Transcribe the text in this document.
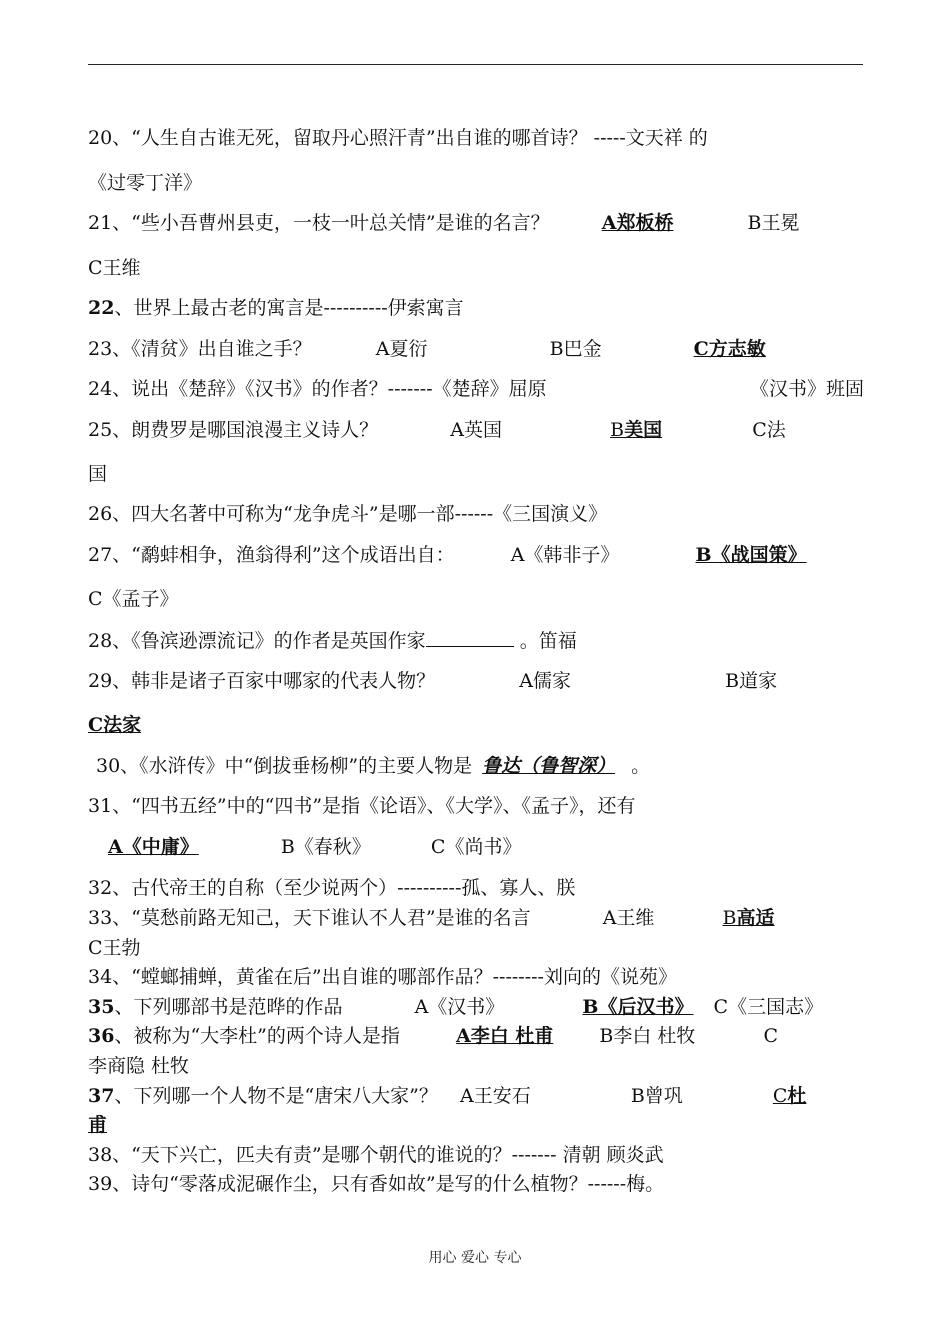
20、“人生自古谁无死，留取丹心照汗青”出自谁的哪首诗？ -----文天祥 的
《过零丁洋》
21、“些小吾曹州县吏，一枝一叶总关情”是谁的名言？	A郑板桥	B王冕
C王维
22、世界上最古老的寓言是----------伊索寓言
23、《清贫》出自谁之手？	A夏衍	B巴金	C方志敏
24、说出《楚辞》《汉书》的作者？-------《楚辞》屈原	《汉书》班固
25、朗费罗是哪国浪漫主义诗人？	A英国	B美国	C法
国
26、四大名著中可称为“龙争虎斗”是哪一部------《三国演义》
27、“鹬蚌相争，渔翁得利”这个成语出自：	A《韩非子》	B《战国策》
C《孟子》
28、《鲁滨逊漂流记》的作者是英国作家	。笛福
29、韩非是诸子百家中哪家的代表人物？	A儒家	B道家
C法家
30、《水浒传》中“倒拔垂杨柳”的主要人物是 鲁达（鲁智深） 。
31、“四书五经”中的“四书”是指《论语》、《大学》、《孟子》，还有
A《中庸》	B《春秋》	C《尚书》
32、古代帝王的自称（至少说两个）----------孤、寡人、朕
33、“莫愁前路无知己，天下谁认不人君”是谁的名言	A王维	B高适
C王勃
34、“螳螂捕蝉，黄雀在后”出自谁的哪部作品？--------刘向的《说苑》
35、下列哪部书是范晔的作品	A《汉书》	B《后汉书》 C《三国志》
36、被称为“大李杜”的两个诗人是指	A李白 杜甫 B李白 杜牧	C
李商隐 杜牧
37、下列哪一个人物不是“唐宋八大家”？ A王安石	B曾巩	C杜
甫
38、“天下兴亡，匹夫有责”是哪个朝代的谁说的？------- 清朝 顾炎武
39、诗句“零落成泥碾作尘，只有香如故”是写的什么植物？------梅。
用心 爱心 专心
